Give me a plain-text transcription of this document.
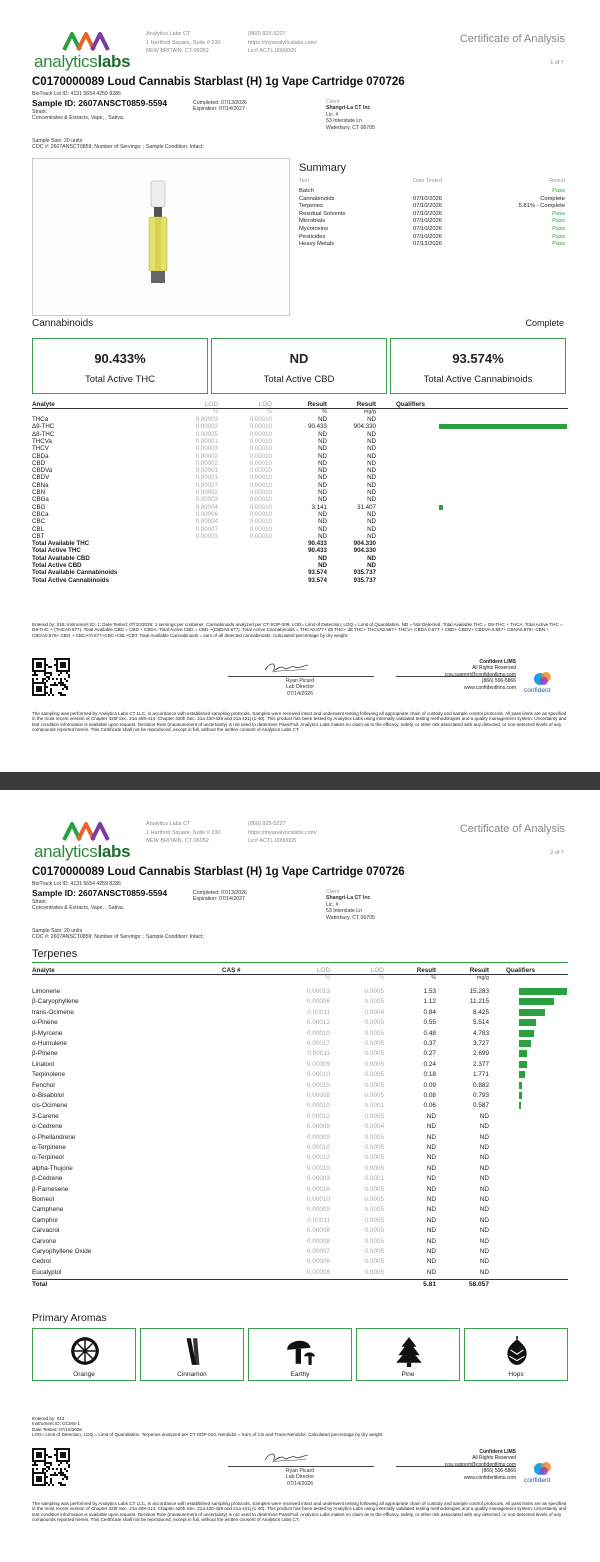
analyticslabs
Analytics Labs CT
1 Hartford Square, Suite # 230
NEW BRITAIN, CT 06052
(860) 925-5227
https://myanalyticslabs.com/
Lic# ACTL.0000005
Certificate of Analysis
1 of 7
C0170000089 Loud Cannabis Starblast (H) 1g Vape Cartridge 070726
BioTrack Lot ID: 4131 5654 4259 8286
Sample ID: 2607ANSCT0859-5594
Strain:
Concentrates & Extracts, Vape, , Sativa,
Completed: 07/13/2026
Expiration: 07/14/2027
Client
Shangri-La CT Inc
Lic. #
53 Interstate Ln
Waterbury, CT 06705
Sample Size: 20 units
COC #: 2607ANSCT0859; Number of Servings: ; Sample Condition: Intact;
Summary
Test	Date Tested	Result
Batch	Pass
Cannabinoids	07/10/2026	Complete
Terpenes	07/10/2026	5.81% - Complete
Residual Solvents	07/10/2026	Pass
Microbials	07/10/2026	Pass
Mycotoxins	07/10/2026	Pass
Pesticides	07/10/2026	Pass
Heavy Metals	07/13/2026	Pass
Cannabinoids	Complete
90.433%
Total Active THC
ND
Total Active CBD
93.574%
Total Active Cannabinoids
Analyte	LOD	LOQ	Result	Result	Qualifiers
%	%	%	mg/g
THCa	0.00003	0.00010	ND	ND
Δ9-THC	0.00003	0.00010	90.433	904.330
Δ8-THC	0.00005	0.00010	ND	ND
THCVa	0.00001	0.00010	ND	ND
THCV	0.00003	0.00010	ND	ND
CBDa	0.00002	0.00010	ND	ND
CBD	0.00002	0.00010	ND	ND
CBDVa	0.00001	0.00010	ND	ND
CBDV	0.00001	0.00010	ND	ND
CBNa	0.00007	0.00010	ND	ND
CBN	0.00002	0.00010	ND	ND
CBGa	0.00003	0.00010	ND	ND
CBG	0.00004	0.00010	3.141	31.407
CBCa	0.00006	0.00010	ND	ND
CBC	0.00004	0.00010	ND	ND
CBL	0.00007	0.00010	ND	ND
CBT	0.00003	0.00010	ND	ND
Total Available THC	90.433	904.330
Total Active THC	90.433	904.330
Total Available CBD	ND	ND
Total Active CBD	ND	ND
Total Available Cannabinoids	93.574	935.737
Total Active Cannabinoids	93.574	935.737
Entered by: 019; Instrument ID: 1; Date Tested: 07/10/2026; 1 servings per container. Cannabinoids analyzed per CT-SOP-009. LOD= Limit of Detection, LOQ = Limit of Quantitation, ND = Not Detected. Total Available THC = D9-THC + THCA. Total Active THC = D9-THC + (THCA0.877). Total Available CBD = CBD + CBDA. Total Active CBD = CBD +(CBDA0.877). Total Active Cannabinoids = THCA0.877+ d9 THC+ d8 THC+ THCVA0.867+ THCV+ CBDA 0.877 + CBD+ CBDV+ CBDVA 0.867+ CBNA0.876+ CBN + CBGA0.878+ CBG + CBCA*0.877+CBC+CBL+CBT. Total Available Cannabinoids = sum of all detected cannabinoids. Calculated percentage by dry weight.
Ryan Picard
Lab Director
07/14/2026
Confident LIMS
All Rights Reserved
coa.support@confidentlims.com
(866) 506-5866
www.confidentlims.com confident
The sampling was performed by Analytics Labs CT LLC, in accordance with established sampling protocols. Samples were received intact and underwent testing following all appropriate chain of custody and sample control protocols. All pass limits are as specified in the most recent version of Chapter 420f Sec. 21a 408-414, Chapter 420h Sec. 21a 420-429 and 21a 421j (1-40). This product has been tested by Analytics Labs using internally validated testing methodologies and a quality management system. Uncertainty and test condition information is available upon request. Decision Rule (measurement of uncertainty) is not used to determine Pass/Fail. Analytics Labs makes no claim as to the efficacy, safety, or other risk associated with any detected, or non-detected levels of any compounds reported herein. This Certificate shall not be reproduced, except in full, without the written consent of Analytics Labs CT.
analyticslabs
Analytics Labs CT
1 Hartford Square, Suite # 230
NEW BRITAIN, CT 06052
(860) 925-5227
https://myanalyticslabs.com/
Lic# ACTL.0000005
Certificate of Analysis
2 of 7
C0170000089 Loud Cannabis Starblast (H) 1g Vape Cartridge 070726
BioTrack Lot ID: 4131 5654 4259 8286
Sample ID: 2607ANSCT0859-5594
Strain:
Concentrates & Extracts, Vape, , Sativa,
Completed: 07/13/2026
Expiration: 07/14/2027
Client
Shangri-La CT Inc
Lic. #
53 Interstate Ln
Waterbury, CT 06705
Sample Size: 20 units
COC #: 2607ANSCT0859; Number of Servings: ; Sample Condition: Intact;
Terpenes
Analyte	CAS #	LOD	LOQ	Result	Result	Qualifiers
%	%	%	mg/g
Limonene	0.00013	0.0005	1.53	15.283
β-Caryophyllene	0.00006	0.0005	1.12	11.215
trans-Ocimene	0.00011	0.0004	0.84	8.425
α-Pinene	0.00012	0.0005	0.55	5.514
β-Myrcene	0.00010	0.0005	0.48	4.783
α-Humulene	0.00017	0.0005	0.37	3.727
β-Pinene	0.00011	0.0005	0.27	2.699
Linalool	0.00009	0.0005	0.24	2.377
Terpinolene	0.00010	0.0005	0.18	1.771
Fenchol	0.00015	0.0005	0.09	0.882
α-Bisabolol	0.00008	0.0005	0.08	0.793
cis-Ocimene	0.00010	0.0001	0.06	0.587
3-Carene	0.00012	0.0005	ND	ND
α-Cedrene	0.00009	0.0004	ND	ND
α-Phellandrene	0.00009	0.0005	ND	ND
α-Terpinene	0.00010	0.0005	ND	ND
α-Terpineol	0.00012	0.0005	ND	ND
alpha-Thujone	0.00010	0.0005	ND	ND
β-Cedrene	0.00003	0.0001	ND	ND
β-Farnesene	0.00016	0.0005	ND	ND
Borneol	0.00010	0.0005	ND	ND
Camphene	0.00009	0.0005	ND	ND
Camphor	0.00011	0.0005	ND	ND
Carvacrol	0.00008	0.0005	ND	ND
Carvone	0.00008	0.0005	ND	ND
Caryophyllene Oxide	0.00007	0.0005	ND	ND
Cedrol	0.00006	0.0005	ND	ND
Eucalyptol	0.00008	0.0005	ND	ND
Total	5.81	58.057
Primary Aromas
Orange	Cinnamon	Earthy	Pine	Hops
Entered by: 013
Instrument ID: GCMS-1
Date Tested: 07/10/2026
LOD= Limit of Detection, LOQ = Limit of Quantitation. Terpenes analyzed per CT-SOP-010. Nerolidol = Sum of Cis and Trans-Nerolidol. Calculated percentage by dry weight.
Ryan Picard
Lab Director
07/14/2026
Confident LIMS
All Rights Reserved
coa.support@confidentlims.com
(866) 506-5866
www.confidentlims.com confident
The sampling was performed by Analytics Labs CT LLC, in accordance with established sampling protocols. Samples were received intact and underwent testing following all appropriate chain of custody and sample control protocols. All pass limits are as specified in the most recent version of Chapter 420f Sec. 21a 408-414, Chapter 420h Sec. 21a 420-429 and 21a 421j (1-40). This product has been tested by Analytics Labs using internally validated testing methodologies and a quality management system. Uncertainty and test condition information is available upon request. Decision Rule (measurement of uncertainty) is not used to determine Pass/Fail. Analytics Labs makes no claim as to the efficacy, safety, or other risk associated with any detected, or non-detected levels of any compounds reported herein. This Certificate shall not be reproduced, except in full, without the written consent of Analytics Labs CT.
